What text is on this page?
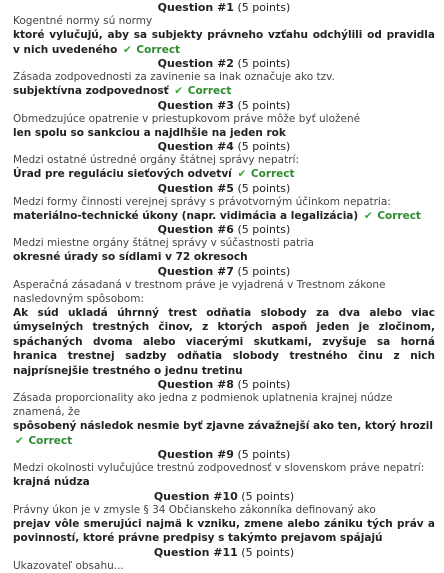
Question #1 (5 points)
Kogentné normy sú normy
ktoré vylučujú, aby sa subjekty právneho vzťahu odchýlili od pravidla v nich uvedeného ✔ Correct
Question #2 (5 points)
Zásada zodpovednosti za zavinenie sa inak označuje ako tzv.
subjektívna zodpovednosť ✔ Correct
Question #3 (5 points)
Obmedzujúce opatrenie v priestupkovom práve môže byť uložené
len spolu so sankciou a najdlhšie na jeden rok
Question #4 (5 points)
Medzi ostatné ústredné orgány štátnej správy nepatrí:
Úrad pre reguláciu sieťových odvetví ✔ Correct
Question #5 (5 points)
Medzi formy činnosti verejnej správy s právotvorným účinkom nepatria:
materiálno-technické úkony (napr. vidimácia a legalizácia) ✔ Correct
Question #6 (5 points)
Medzi miestne orgány štátnej správy v súčastnosti patria
okresné úrady so sídlami v 72 okresoch
Question #7 (5 points)
Asperačná zásadaná v trestnom práve je vyjadrená v Trestnom zákone nasledovným spôsobom:
Ak súd ukladá úhrnný trest odňatia slobody za dva alebo viac úmyselných trestných činov, z ktorých aspoň jeden je zločinom, spáchaných dvoma alebo viacerými skutkami, zvyšuje sa horná hranica trestnej sadzby odňatia slobody trestného činu z nich najprísnejšie trestného o jednu tretinu
Question #8 (5 points)
Zásada proporcionality ako jedna z podmienok uplatnenia krajnej núdze znamená, že
spôsobený následok nesmie byť zjavne závažnejší ako ten, ktorý hrozil ✔ Correct
Question #9 (5 points)
Medzi okolnosti vylučujúce trestnú zodpovednosť v slovenskom práve nepatrí:
krajná núdza
Question #10 (5 points)
Právny úkon je v zmysle § 34 Občianskeho zákonníka definovaný ako
prejav vôle smerujúci najmä k vzniku, zmene alebo zániku tých práv a povinností, ktoré právne predpisy s takýmto prejavom spájajú
Question #11 (5 points)
Ukazovateľ obsahu...
